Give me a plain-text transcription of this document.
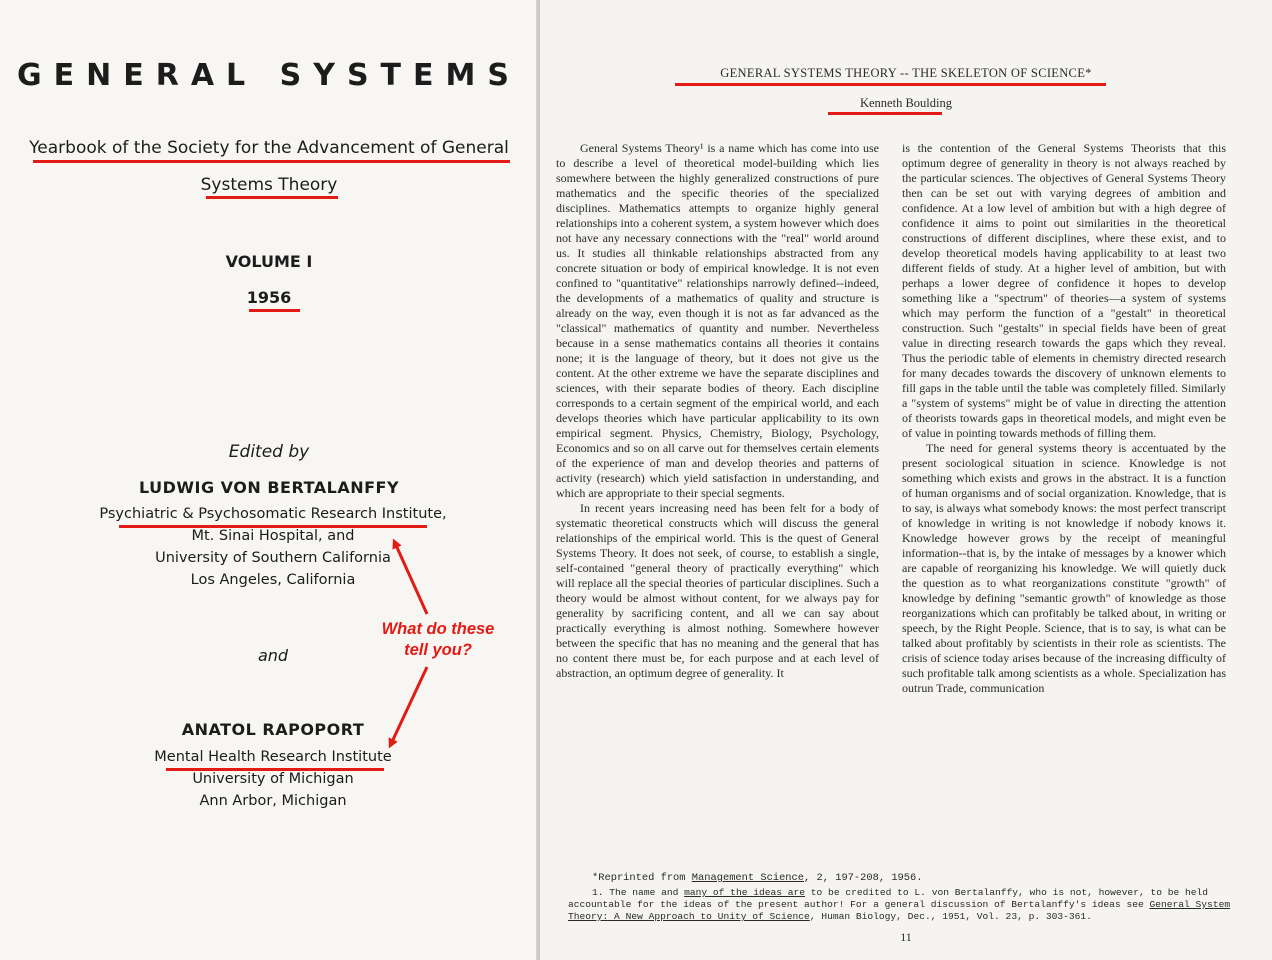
GENERAL SYSTEMS
Yearbook of the Society for the Advancement of General
Systems Theory
VOLUME I
1956
Edited by
LUDWIG VON BERTALANFFY
Psychiatric & Psychosomatic Research Institute,
Mt. Sinai Hospital, and
University of Southern California
Los Angeles, California
and
ANATOL RAPOPORT
Mental Health Research Institute
University of Michigan
Ann Arbor, Michigan
What do these tell you?
GENERAL SYSTEMS THEORY -- THE SKELETON OF SCIENCE*
Kenneth Boulding

General Systems Theory¹ is a name which has come into use to describe a level of theoretical model-building which lies somewhere between the highly generalized constructions of pure mathematics and the specific theories of the specialized disciplines. Mathematics attempts to organize highly general relationships into a coherent system, a system however which does not have any necessary connections with the "real" world around us. It studies all thinkable relationships abstracted from any concrete situation or body of empirical knowledge. It is not even confined to "quantitative" relationships narrowly defined--indeed, the developments of a mathematics of quality and structure is already on the way, even though it is not as far advanced as the "classical" mathematics of quantity and number. Nevertheless because in a sense mathematics contains all theories it contains none; it is the language of theory, but it does not give us the content. At the other extreme we have the separate disciplines and sciences, with their separate bodies of theory. Each discipline corresponds to a certain segment of the empirical world, and each develops theories which have particular applicability to its own empirical segment. Physics, Chemistry, Biology, Psychology, Economics and so on all carve out for themselves certain elements of the experience of man and develop theories and patterns of activity (research) which yield satisfaction in understanding, and which are appropriate to their special segments.

In recent years increasing need has been felt for a body of systematic theoretical constructs which will discuss the general relationships of the empirical world. This is the quest of General Systems Theory. It does not seek, of course, to establish a single, self-contained "general theory of practically everything" which will replace all the special theories of particular disciplines. Such a theory would be almost without content, for we always pay for generality by sacrificing content, and all we can say about practically everything is almost nothing. Somewhere however between the specific that has no meaning and the general that has no content there must be, for each purpose and at each level of abstraction, an optimum degree of generality. It

is the contention of the General Systems Theorists that this optimum degree of generality in theory is not always reached by the particular sciences. The objectives of General Systems Theory then can be set out with varying degrees of ambition and confidence. At a low level of ambition but with a high degree of confidence it aims to point out similarities in the theoretical constructions of different disciplines, where these exist, and to develop theoretical models having applicability to at least two different fields of study. At a higher level of ambition, but with perhaps a lower degree of confidence it hopes to develop something like a "spectrum" of theories—a system of systems which may perform the function of a "gestalt" in theoretical construction. Such "gestalts" in special fields have been of great value in directing research towards the gaps which they reveal. Thus the periodic table of elements in chemistry directed research for many decades towards the discovery of unknown elements to fill gaps in the table until the table was completely filled. Similarly a "system of systems" might be of value in directing the attention of theorists towards gaps in theoretical models, and might even be of value in pointing towards methods of filling them.

The need for general systems theory is accentuated by the present sociological situation in science. Knowledge is not something which exists and grows in the abstract. It is a function of human organisms and of social organization. Knowledge, that is to say, is always what somebody knows: the most perfect transcript of knowledge in writing is not knowledge if nobody knows it. Knowledge however grows by the receipt of meaningful information--that is, by the intake of messages by a knower which are capable of reorganizing his knowledge. We will quietly duck the question as to what reorganizations constitute "growth" of knowledge by defining "semantic growth" of knowledge as those reorganizations which can profitably be talked about, in writing or speech, by the Right People. Science, that is to say, is what can be talked about profitably by scientists in their role as scientists. The crisis of science today arises because of the increasing difficulty of such profitable talk among scientists as a whole. Specialization has outrun Trade, communication

*Reprinted from Management Science, 2, 197-208, 1956.
1. The name and many of the ideas are to be credited to L. von Bertalanffy, who is not, however, to be held
accountable for the ideas of the present author! For a general discussion of Bertalanffy's ideas see General System
Theory: A New Approach to Unity of Science, Human Biology, Dec., 1951, Vol. 23, p. 303-361.
11
